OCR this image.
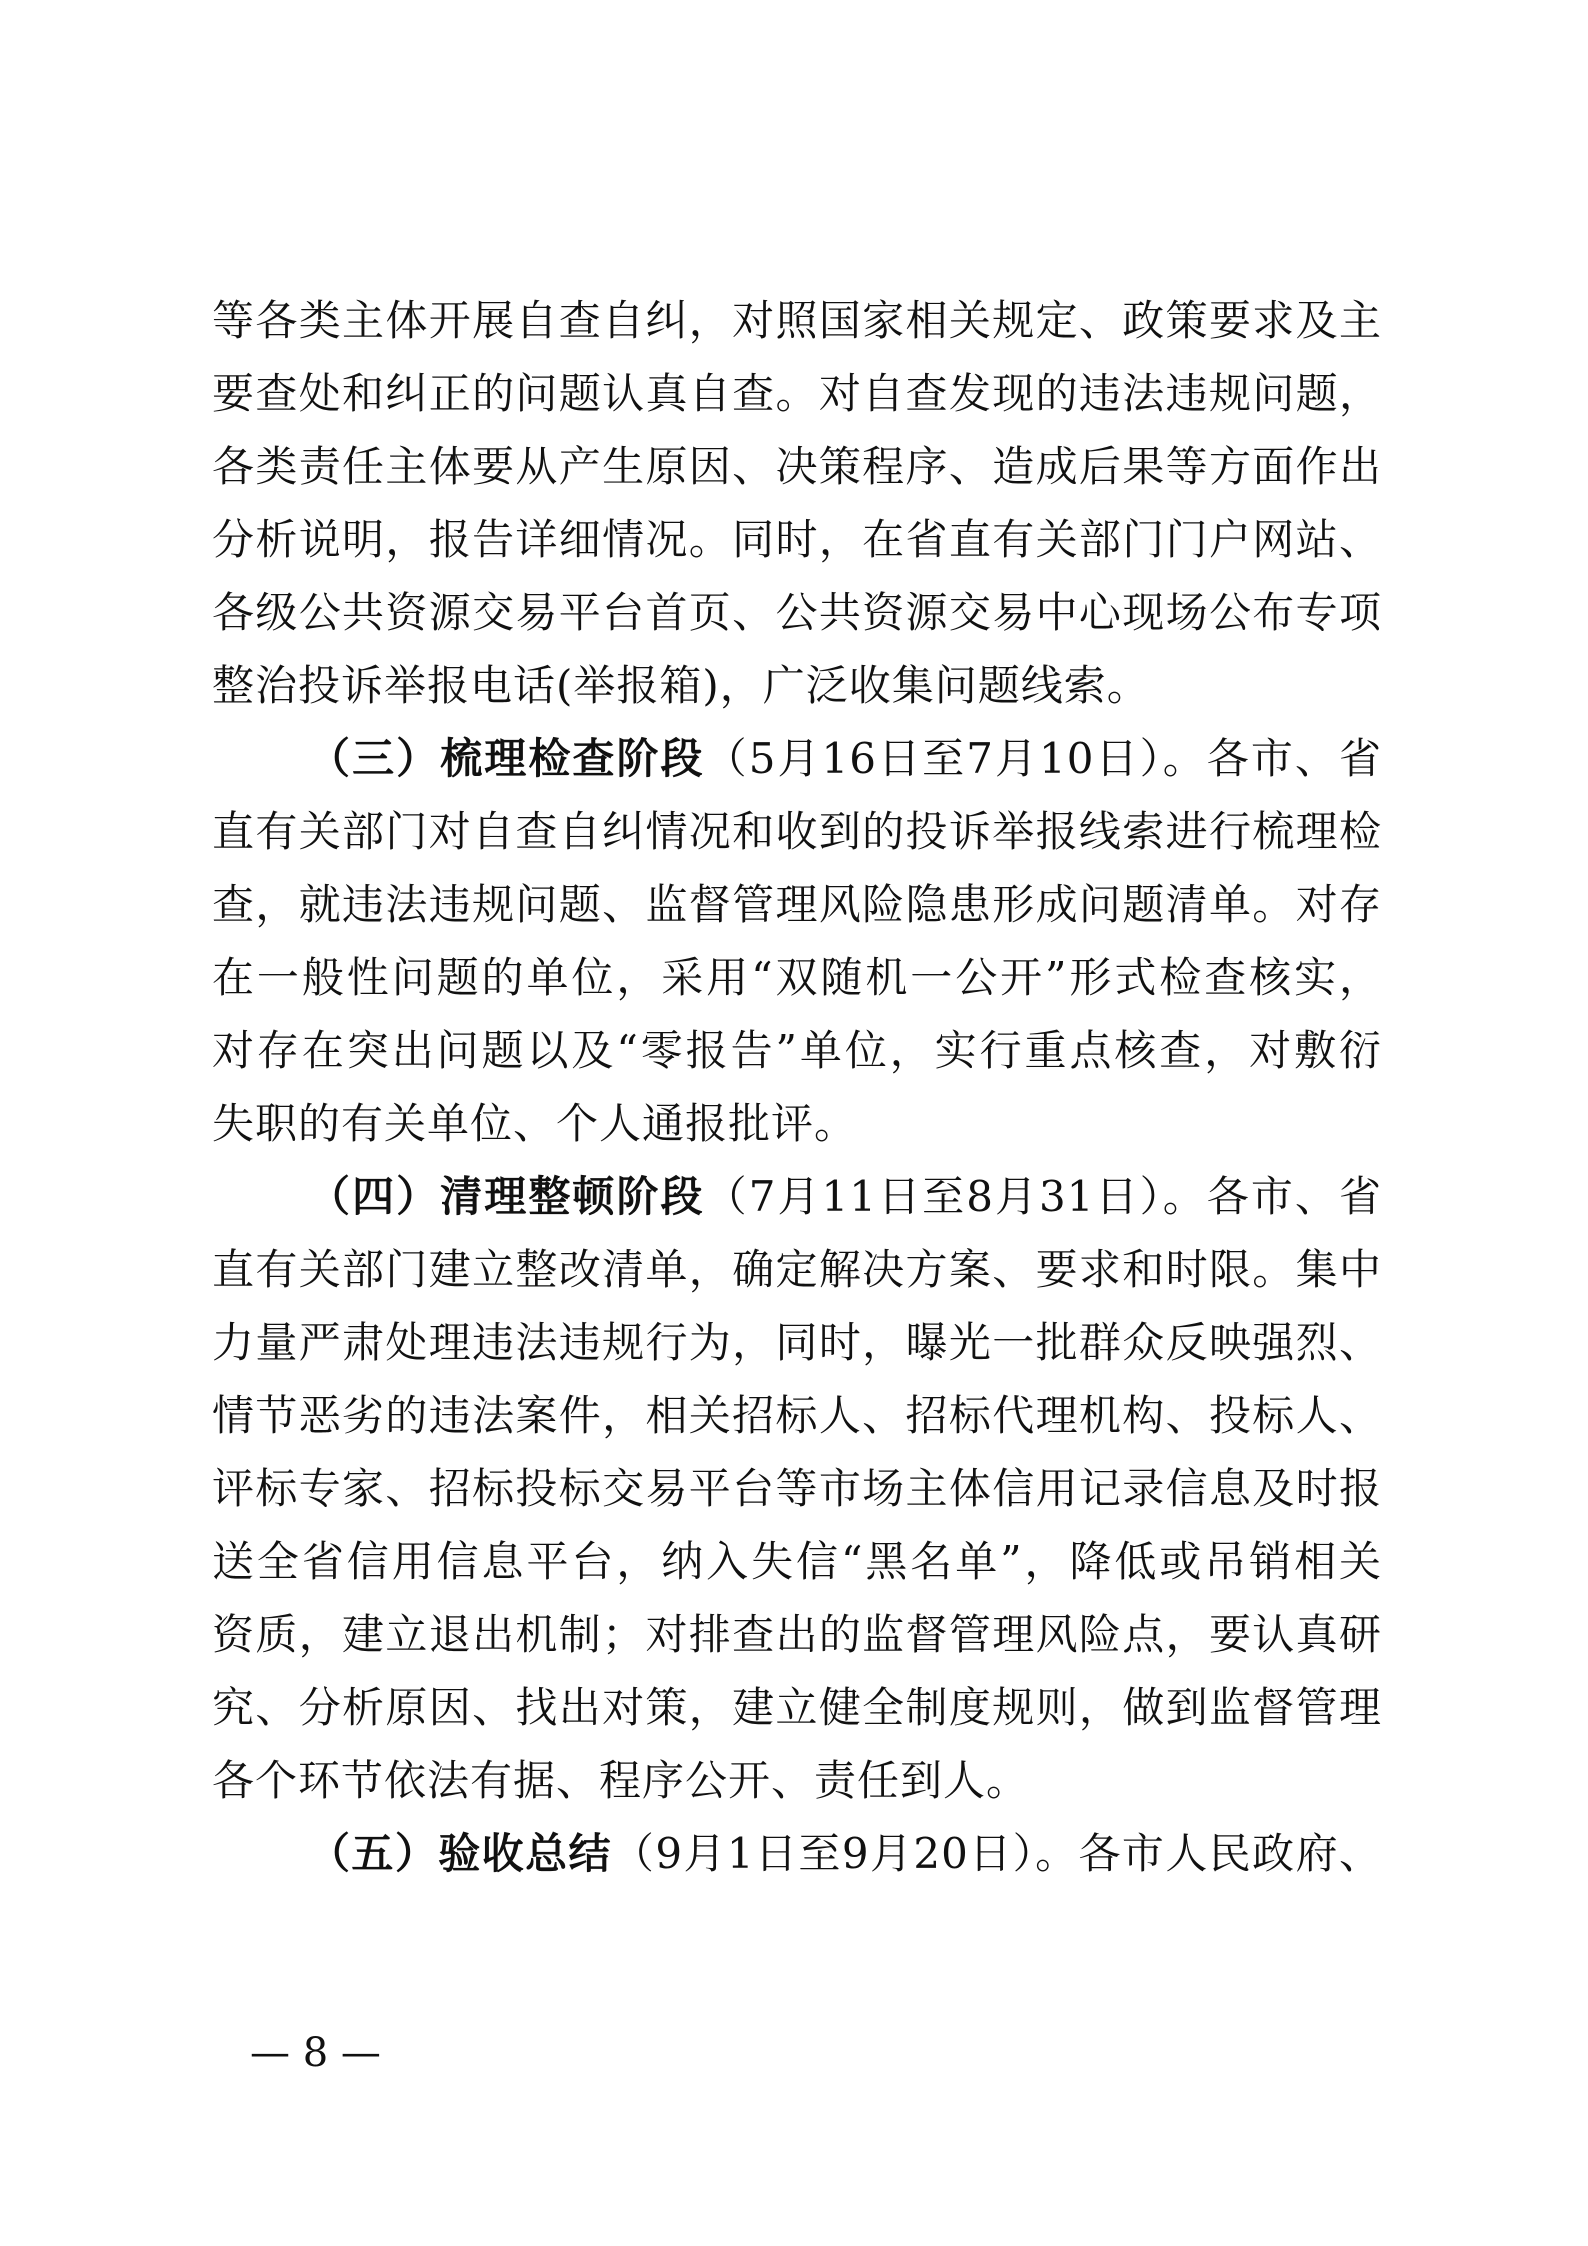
等各类主体开展自查自纠，对照国家相关规定、政策要求及主
要查处和纠正的问题认真自查。对自查发现的违法违规问题，
各类责任主体要从产生原因、决策程序、造成后果等方面作出
分析说明，报告详细情况。同时，在省直有关部门门户网站、
各级公共资源交易平台首页、公共资源交易中心现场公布专项
整治投诉举报电话(举报箱)，广泛收集问题线索。
（三）梳理检查阶段（5月16日至7月10日）。各市、省
直有关部门对自查自纠情况和收到的投诉举报线索进行梳理检
查，就违法违规问题、监督管理风险隐患形成问题清单。对存
在一般性问题的单位，采用“双随机一公开”形式检查核实，
对存在突出问题以及“零报告”单位，实行重点核查，对敷衍
失职的有关单位、个人通报批评。
（四）清理整顿阶段（7月11日至8月31日）。各市、省
直有关部门建立整改清单，确定解决方案、要求和时限。集中
力量严肃处理违法违规行为，同时，曝光一批群众反映强烈、
情节恶劣的违法案件，相关招标人、招标代理机构、投标人、
评标专家、招标投标交易平台等市场主体信用记录信息及时报
送全省信用信息平台，纳入失信“黑名单”，降低或吊销相关
资质，建立退出机制；对排查出的监督管理风险点，要认真研
究、分析原因、找出对策，建立健全制度规则，做到监督管理
各个环节依法有据、程序公开、责任到人。
（五）验收总结（9月1日至9月20日）。各市人民政府、
— 8 —
